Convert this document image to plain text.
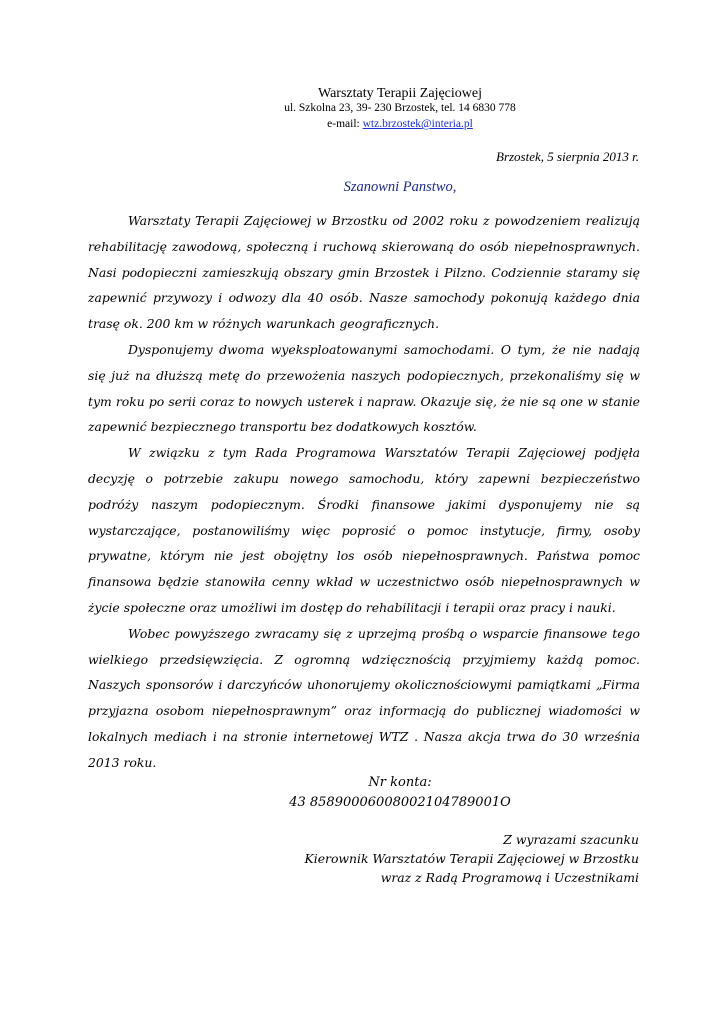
Warsztaty Terapii Zajęciowej
ul. Szkolna 23, 39- 230 Brzostek, tel. 14 6830 778
e-mail: wtz.brzostek@interia.pl
Brzostek, 5 sierpnia 2013 r.
Szanowni Panstwo,

Warsztaty Terapii Zajęciowej w Brzostku od 2002 roku z powodzeniem realizują rehabilitację zawodową, społeczną i ruchową skierowaną do osób niepełnosprawnych. Nasi podopieczni zamieszkują obszary gmin Brzostek i Pilzno. Codziennie staramy się zapewnić przywozy i odwozy dla 40 osób. Nasze samochody pokonują każdego dnia trasę ok. 200 km w różnych warunkach geograficznych.

Dysponujemy dwoma wyeksploatowanymi samochodami. O tym, że nie nadają się już na dłuższą metę do przewożenia naszych podopiecznych, przekonaliśmy się w tym roku po serii coraz to nowych usterek i napraw. Okazuje się, że nie są one w stanie zapewnić bezpiecznego transportu bez dodatkowych kosztów.

W związku z tym Rada Programowa Warsztatów Terapii Zajęciowej podjęła decyzję o potrzebie zakupu nowego samochodu, który zapewni bezpieczeństwo podróży naszym podopiecznym. Środki finansowe jakimi dysponujemy nie są wystarczające, postanowiliśmy więc poprosić o pomoc instytucje, firmy, osoby prywatne, którym nie jest obojętny los osób niepełnosprawnych. Państwa pomoc finansowa będzie stanowiła cenny wkład w uczestnictwo osób niepełnosprawnych w życie społeczne oraz umożliwi im dostęp do rehabilitacji i terapii oraz pracy i nauki.

Wobec powyższego zwracamy się z uprzejmą prośbą o wsparcie finansowe tego wielkiego przedsięwzięcia. Z ogromną wdzięcznością przyjmiemy każdą pomoc. Naszych sponsorów i darczyńców uhonorujemy okolicznościowymi pamiątkami „Firma przyjazna osobom niepełnosprawnym” oraz informacją do publicznej wiadomości w lokalnych mediach i na stronie internetowej WTZ . Nasza akcja trwa do 30 września 2013 roku.

Nr konta:
43 85890006008002104789001O
Z wyrazami szacunku
Kierownik Warsztatów Terapii Zajęciowej w Brzostku
wraz z Radą Programową i Uczestnikami
